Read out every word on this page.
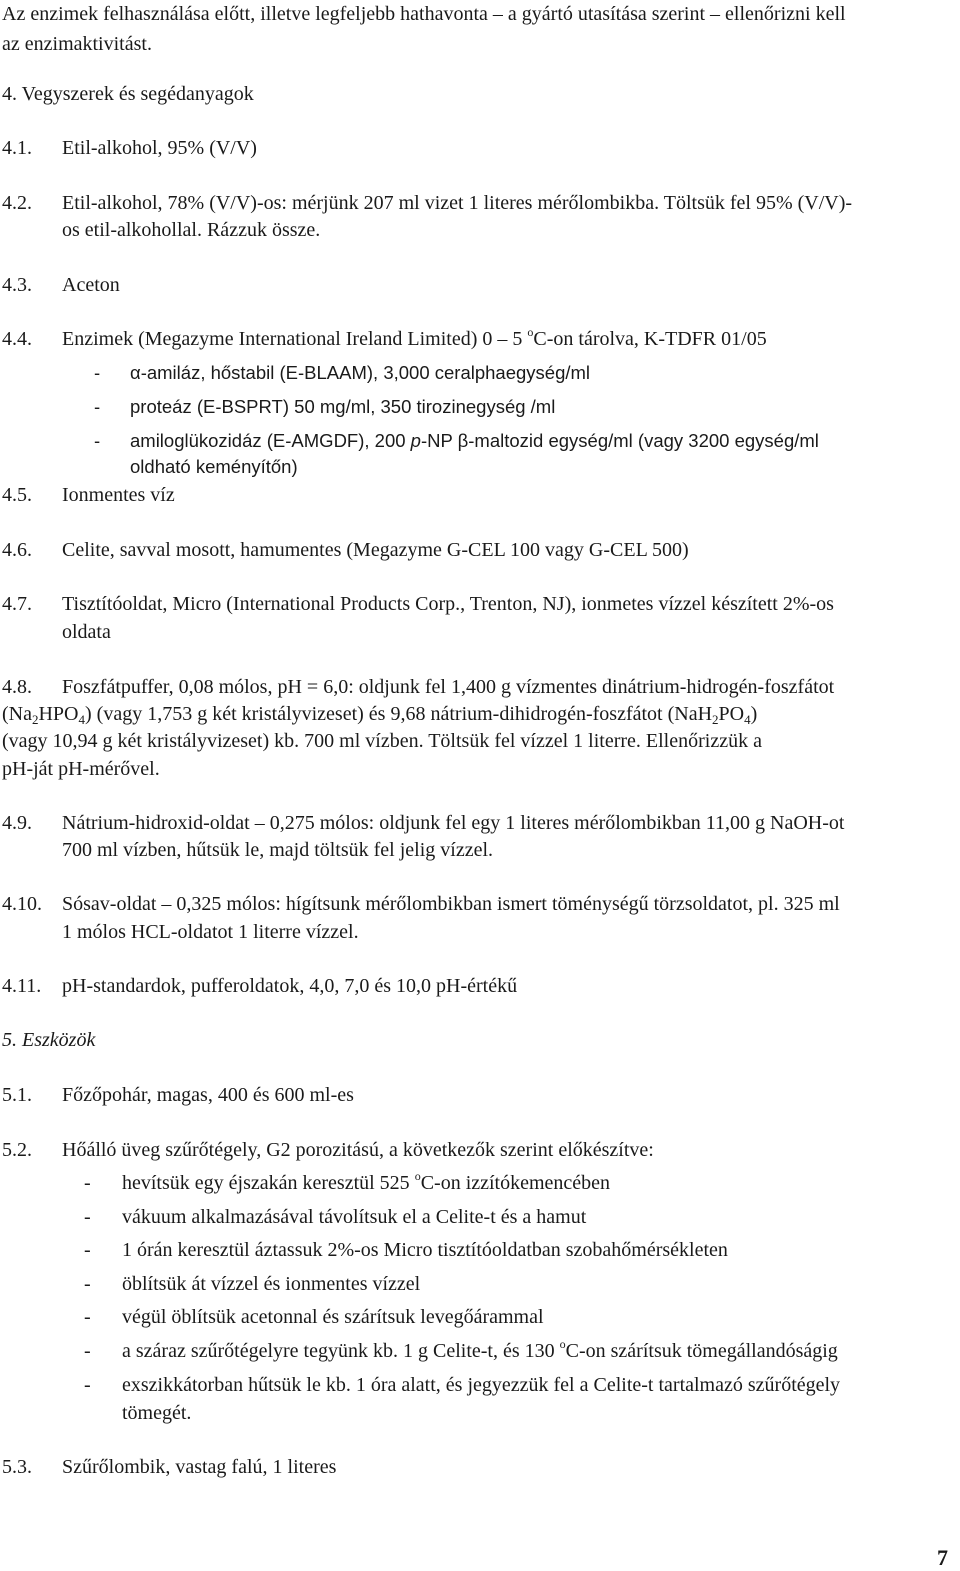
Az enzimek felhasználása előtt, illetve legfeljebb hathavonta – a gyártó utasítása szerint – ellenőrizni kell
az enzimaktivitást.
4. Vegyszerek és segédanyagok
4.1. Etil-alkohol, 95% (V/V)
4.2. Etil-alkohol, 78% (V/V)-os: mérjünk 207 ml vizet 1 literes mérőlombikba. Töltsük fel 95% (V/V)-
os etil-alkohollal. Rázzuk össze.
4.3. Aceton
4.4. Enzimek (Megazyme International Ireland Limited) 0 – 5 $^o$C-on tárolva, K-TDFR 01/05
- α-amiláz, hőstabil (E-BLAAM), 3,000 ceralphaegység/ml
- proteáz (E-BSPRT) 50 mg/ml, 350 tirozinegység /ml
- amiloglükozidáz (E-AMGDF), 200 p-NP β-maltozid egység/ml (vagy 3200 egység/ml
oldható keményítőn)
4.5. Ionmentes víz
4.6. Celite, savval mosott, hamumentes (Megazyme G-CEL 100 vagy G-CEL 500)
4.7. Tisztítóoldat, Micro (International Products Corp., Trenton, NJ), ionmetes vízzel készített 2%-os
oldata
4.8. Foszfátpuffer, 0,08 mólos, pH = 6,0: oldjunk fel 1,400 g vízmentes dinátrium-hidrogén-foszfátot
$(Na_2HPO_4)$ (vagy 1,753 g két kristályvizeset) és 9,68 nátrium-dihidrogén-foszfátot $(NaH_2PO_4)$
(vagy 10,94 g két kristályvizeset) kb. 700 ml vízben. Töltsük fel vízzel 1 literre. Ellenőrizzük a
pH-ját pH-mérővel.
4.9. Nátrium-hidroxid-oldat – 0,275 mólos: oldjunk fel egy 1 literes mérőlombikban 11,00 g NaOH-ot
700 ml vízben, hűtsük le, majd töltsük fel jelig vízzel.
4.10. Sósav-oldat – 0,325 mólos: hígítsunk mérőlombikban ismert töménységű törzsoldatot, pl. 325 ml
1 mólos HCL-oldatot 1 literre vízzel.
4.11. pH-standardok, pufferoldatok, 4,0, 7,0 és 10,0 pH-értékű
5. Eszközök
5.1. Főzőpohár, magas, 400 és 600 ml-es
5.2. Hőálló üveg szűrőtégely, G2 porozitású, a következők szerint előkészítve:
- hevítsük egy éjszakán keresztül 525 $^o$C-on izzítókemencében
- vákuum alkalmazásával távolítsuk el a Celite-t és a hamut
- 1 órán keresztül áztassuk 2%-os Micro tisztítóoldatban szobahőmérsékleten
- öblítsük át vízzel és ionmentes vízzel
- végül öblítsük acetonnal és szárítsuk levegőárammal
- a száraz szűrőtégelyre tegyünk kb. 1 g Celite-t, és 130 $^o$C-on szárítsuk tömegállandóságig
- exszikkátorban hűtsük le kb. 1 óra alatt, és jegyezzük fel a Celite-t tartalmazó szűrőtégely
tömegét.
5.3. Szűrőlombik, vastag falú, 1 literes
7
